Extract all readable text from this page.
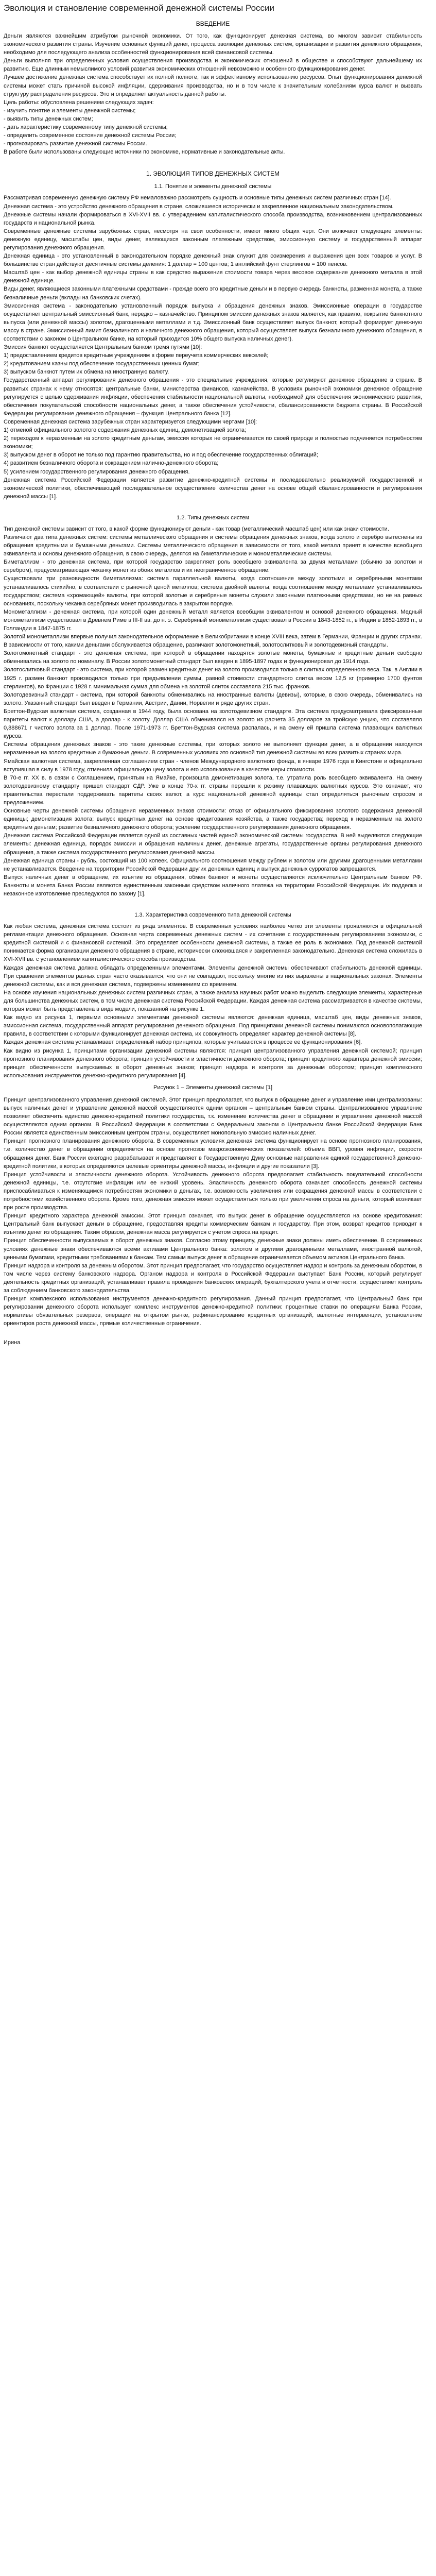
Эволюция и становление современной денежной системы России
ВВЕДЕНИЕ

Деньги являются важнейшим атрибутом рыночной экономики. От того, как функционирует денежная система, во многом зависит стабильность экономического развития страны. Изучение основных функций денег, процесса эволюции денежных систем, организации и развития денежного обращения, необходимо для последующего анализа особенностей функционирования всей финансовой системы.

Деньги выполняя три определенных условия осуществления производства и экономических отношений в обществе и способствуют дальнейшему их развитию. Еще длинным немыслимого условий развития экономических отношений невозможно и особенного функционирования денег.

Лучшее достижение денежная система способствует их полной полноте, так и эффективному использованию ресурсов. Опыт функционирования денежной системы может стать причиной высокой инфляции, сдерживания производства, но и в том числе к значительным колебаниям курса валют и вызвать структуру распределения ресурсов. Это и определяет актуальность данной работы.

Цель работы: обусловлена решением следующих задач:

- изучить понятие и элементы денежной системы;

- выявить типы денежных систем;

- дать характеристику современному типу денежной системы;

- определить современное состояние денежной системы России;

- прогнозировать развитие денежной системы России.

В работе были использованы следующие источники по экономике, нормативные и законодательные акты.

1. ЭВОЛЮЦИЯ ТИПОВ ДЕНЕЖНЫХ СИСТЕМ
1.1. Понятие и элементы денежной системы

Рассматривая современную денежную систему РФ немаловажно рассмотреть сущность и основные типы денежных систем различных стран [14].

Денежная система - это устройство денежного обращения в стране, сложившееся исторически и закрепленное национальным законодательством.

Денежные системы начали формироваться в XVI-XVII вв. с утверждением капиталистического способа производства, возникновением централизованных государств и национальной рынка.

Современные денежные системы зарубежных стран, несмотря на свои особенности, имеют много общих черт. Они включают следующие элементы: денежную единицу, масштабы цен, виды денег, являющихся законным платежным средством, эмиссионную систему и государственный аппарат регулирования денежного обращения.

Денежная единица - это установленный в законодательном порядке денежный знак служит для соизмерения и выражения цен всех товаров и услуг. В большинстве стран действуют десятичные системы деления: 1 доллар = 100 центов; 1 английский фунт стерлингов = 100 пенсов.

Масштаб цен - как выбор денежной единицы страны в как средство выражения стоимости товара через весовое содержание денежного металла в этой денежной единице.

Виды денег, являющиеся законными платежными средствами - прежде всего это кредитные деньги и в первую очередь банкноты, разменная монета, а также безналичные деньги (вклады на банковских счетах).

Эмиссионная система - законодательно установленный порядок выпуска и обращения денежных знаков. Эмиссионные операции в государстве осуществляет центральный эмиссионный банк, нередко – казначейство. Принципом эмиссии денежных знаков является, как правило, покрытие банкнотного выпуска (или денежной массы) золотом, драгоценными металлами и т.д. Эмиссионный банк осуществляет выпуск банкнот, который формирует денежную массу в стране. Эмиссионный лимит безналичного и наличного денежного обращения, который осуществляет выпуск безналичного денежного обращения, в соответствии с законом о Центральном банке, на который приходится 10% общего выпуска наличных денег).

Эмиссия банкнот осуществляется Центральным банком тремя путями [10]:

1) предоставлением кредитов кредитным учреждениям в форме переучета коммерческих векселей;

2) кредитованием казны под обеспечение государственных ценных бумаг;

3) выпуском банкнот путем их обмена на иностранную валюту.

Государственный аппарат регулирования денежного обращения - это специальные учреждения, которые регулируют денежное обращение в стране. В развитых странах к нему относятся: центральные банки, министерства финансов, казначейства. В условиях рыночной экономики денежное обращение регулируется с целью сдерживания инфляции, обеспечения стабильности национальной валюты, необходимой для обеспечения экономического развития, обеспечения покупательской способности национальных денег, а также обеспечения устойчивости, сбалансированности бюджета страны. В Российской Федерации регулирование денежного обращения – функция Центрального банка [12].

Современная денежная система зарубежных стран характеризуется следующими чертами [10]:

1) отменой официального золотого содержания денежных единиц, демонетизацией золота;

2) переходом к неразменным на золото кредитным деньгам, эмиссия которых не ограничивается по своей природе и полностью подчиняется потребностям экономики;

3) выпуском денег в оборот не только под гарантию правительства, но и под обеспечение государственных облигаций;

4) развитием безналичного оборота и сокращением налично-денежного оборота;

5) усилением государственного регулирования денежного обращения.

Денежная система Российской Федерации является развитие денежно-кредитной системы и последовательно реализуемой государственной и экономической политики, обеспечивающей последовательное осуществление количества денег на основе общей сбалансированности и регулирования денежной массы [1].

1.2. Типы денежных систем

Тип денежной системы зависит от того, в какой форме функционируют деньги - как товар (металлический масштаб цен) или как знаки стоимости.

Различают два типа денежных систем: системы металлического обращения и системы обращения денежных знаков, когда золото и серебро вытеснены из обращения кредитными и бумажными деньгами. Системы металлического обращения в зависимости от того, какой металл принят в качестве всеобщего эквивалента и основы денежного обращения, в свою очередь, делятся на биметаллические и монометаллические системы.

Биметаллизм - это денежная система, при которой государство закрепляет роль всеобщего эквивалента за двумя металлами (обычно за золотом и серебром), предусматривающая чеканку монет из обоих металлов и их неограниченное обращение.

Существовали три разновидности биметаллизма: система параллельной валюты, когда соотношение между золотыми и серебряными монетами устанавливалось стихийно, в соответствии с рыночной ценой металлов; система двойной валюты, когда соотношение между металлами устанавливалось государством; система «хромающей» валюты, при которой золотые и серебряные монеты служили законными платежными средствами, но не на равных основаниях, поскольку чеканка серебряных монет производилась в закрытом порядке.

Монометаллизм - денежная система, при которой один денежный металл является всеобщим эквивалентом и основой денежного обращения. Медный монометаллизм существовал в Древнем Риме в III-II вв. до н. э. Серебряный монометаллизм существовал в России в 1843-1852 гг., в Индии в 1852-1893 гг., в Голландии в 1847-1875 гг.

Золотой монометаллизм впервые получил законодательное оформление в Великобритании в конце XVIII века, затем в Германии, Франции и других странах. В зависимости от того, какими деньгами обслуживается обращение, различают золотомонетный, золотослитковый и золотодевизный стандарты.

Золотомонетный стандарт - это денежная система, при которой в обращении находятся золотые монеты, бумажные и кредитные деньги свободно обменивались на золото по номиналу. В России золотомонетный стандарт был введен в 1895-1897 годах и функционировал до 1914 года.

Золотослитковый стандарт - это система, при которой размен кредитных денег на золото производился только в слитках определенного веса. Так, в Англии в 1925 г. размен банкнот производился только при предъявлении суммы, равной стоимости стандартного слитка весом 12,5 кг (примерно 1700 фунтов стерлингов), во Франции с 1928 г. минимальная сумма для обмена на золотой слиток составляла 215 тыс. франков.

Золотодевизный стандарт - система, при которой банкноты обменивались на иностранные валюты (девизы), которые, в свою очередь, обменивались на золото. Указанный стандарт был введен в Германии, Австрии, Дании, Норвегии и ряде других стран.

Бреттон-Вудская валютная система, созданная в 1944 году, была основана на золотодевизном стандарте. Эта система предусматривала фиксированные паритеты валют к доллару США, а доллар - к золоту. Доллар США обменивался на золото из расчета 35 долларов за тройскую унцию, что составляло 0,888671 г чистого золота за 1 доллар. После 1971-1973 гг. Бреттон-Вудская система распалась, и на смену ей пришла система плавающих валютных курсов.

Системы обращения денежных знаков - это такие денежные системы, при которых золото не выполняет функции денег, а в обращении находятся неразменные на золото кредитные и бумажные деньги. В современных условиях это основной тип денежной системы во всех развитых странах мира.

Ямайская валютная система, закрепленная соглашением стран - членов Международного валютного фонда, в январе 1976 года в Кингстоне и официально вступившая в силу в 1978 году, отменила официальную цену золота и его использование в качестве меры стоимости.

В 70-е гг. XX в. в связи с Соглашением, принятым на Ямайке, произошла демонетизация золота, т.е. утратила роль всеобщего эквивалента. На смену золотодевизному стандарту пришел стандарт СДР. Уже в конце 70-х гг. страны перешли к режиму плавающих валютных курсов. Это означает, что правительства перестали поддерживать паритеты своих валют, а курс национальной денежной единицы стал определяться рыночным спросом и предложением.

Основные черты денежной системы обращения неразменных знаков стоимости: отказ от официального фиксирования золотого содержания денежной единицы; демонетизация золота; выпуск кредитных денег на основе кредитования хозяйства, а также государства; переход к неразменным на золото кредитным деньгам; развитие безналичного денежного оборота; усиление государственного регулирования денежного обращения.

Денежная система Российской Федерации является одной из составных частей единой экономической системы государства. В ней выделяются следующие элементы: денежная единица, порядок эмиссии и обращения наличных денег, денежные агрегаты, государственные органы регулирования денежного обращения, а также система государственного регулирования денежной массы.

Денежная единица страны - рубль, состоящий из 100 копеек. Официального соотношения между рублем и золотом или другими драгоценными металлами не устанавливается. Введение на территории Российской Федерации других денежных единиц и выпуск денежных суррогатов запрещаются.

Выпуск наличных денег в обращение, их изъятие из обращения, обмен банкнот и монеты осуществляются исключительно Центральным банком РФ. Банкноты и монета Банка России являются единственным законным средством наличного платежа на территории Российской Федерации. Их подделка и незаконное изготовление преследуются по закону [1].

1.3. Характеристика современного типа денежной системы

Как любая система, денежная система состоит из ряда элементов. В современных условиях наиболее четко эти элементы проявляются в официальной регламентации денежного обращения. Основная черта современных денежных систем - их сочетание с государственным регулированием экономики, с кредитной системой и с финансовой системой. Это определяет особенности денежной системы, а также ее роль в экономике. Под денежной системой понимается форма организации денежного обращения в стране, исторически сложившаяся и закрепленная законодательно. Денежная система сложилась в XVI-XVII вв. с установлением капиталистического способа производства.

Каждая денежная система должна обладать определенными элементами. Элементы денежной системы обеспечивают стабильность денежной единицы. При сравнении элементов разных стран часто оказывается, что они не совпадают, поскольку многие из них выражены в национальных законах. Элементы денежной системы, как и вся денежная система, подвержены изменениям со временем.

На основе изучения национальных денежных систем различных стран, а также анализа научных работ можно выделить следующие элементы, характерные для большинства денежных систем, в том числе денежная система Российской Федерации. Каждая денежная система рассматривается в качестве системы, которая может быть представлена в виде модели, показанной на рисунке 1.

Как видно из рисунка 1, первыми основными элементами денежной системы являются: денежная единица, масштаб цен, виды денежных знаков, эмиссионная система, государственный аппарат регулирования денежного обращения. Под принципами денежной системы понимаются основополагающие правила, в соответствии с которыми функционирует денежная система, их совокупность определяет характер денежной системы [8].

Каждая денежная система устанавливает определенный набор принципов, которые учитываются в процессе ее функционирования [6].

Как видно из рисунка 1, принципами организации денежной системы являются: принцип централизованного управления денежной системой; принцип прогнозного планирования денежного оборота; принцип устойчивости и эластичности денежного оборота; принцип кредитного характера денежной эмиссии; принцип обеспеченности выпускаемых в оборот денежных знаков; принцип надзора и контроля за денежным оборотом; принцип комплексного использования инструментов денежно-кредитного регулирования [4].

Рисунок 1 – Элементы денежной системы [1]

Принцип централизованного управления денежной системой. Этот принцип предполагает, что выпуск в обращение денег и управление ими централизованы: выпуск наличных денег и управление денежной массой осуществляются одним органом – центральным банком страны. Централизованное управление позволяет обеспечить единство денежно-кредитной политики государства, т.к. изменение количества денег в обращении и управление денежной массой осуществляются одним органом. В Российской Федерации в соответствии с Федеральным законом о Центральном банке Российской Федерации Банк России является единственным эмиссионным центром страны, осуществляет монопольную эмиссию наличных денег.

Принцип прогнозного планирования денежного оборота. В современных условиях денежная система функционирует на основе прогнозного планирования, т.е. количество денег в обращении определяется на основе прогнозов макроэкономических показателей: объема ВВП, уровня инфляции, скорости обращения денег. Банк России ежегодно разрабатывает и представляет в Государственную Думу основные направления единой государственной денежно-кредитной политики, в которых определяются целевые ориентиры денежной массы, инфляции и другие показатели [3].

Принцип устойчивости и эластичности денежного оборота. Устойчивость денежного оборота предполагает стабильность покупательной способности денежной единицы, т.е. отсутствие инфляции или ее низкий уровень. Эластичность денежного оборота означает способность денежной системы приспосабливаться к изменяющимся потребностям экономики в деньгах, т.е. возможность увеличения или сокращения денежной массы в соответствии с потребностями хозяйственного оборота. Кроме того, денежная эмиссия может осуществляться только при увеличении спроса на деньги, который возникает при росте производства.

Принцип кредитного характера денежной эмиссии. Этот принцип означает, что выпуск денег в обращение осуществляется на основе кредитования: Центральный банк выпускает деньги в обращение, предоставляя кредиты коммерческим банкам и государству. При этом, возврат кредитов приводит к изъятию денег из обращения. Таким образом, денежная масса регулируется с учетом спроса на кредит.

Принцип обеспеченности выпускаемых в оборот денежных знаков. Согласно этому принципу, денежные знаки должны иметь обеспечение. В современных условиях денежные знаки обеспечиваются всеми активами Центрального банка: золотом и другими драгоценными металлами, иностранной валютой, ценными бумагами, кредитными требованиями к банкам. Тем самым выпуск денег в обращение ограничивается объемом активов Центрального банка.

Принцип надзора и контроля за денежным оборотом. Этот принцип предполагает, что государство осуществляет надзор и контроль за денежным оборотом, в том числе через систему банковского надзора. Органом надзора и контроля в Российской Федерации выступает Банк России, который регулирует деятельность кредитных организаций, устанавливает правила проведения банковских операций, бухгалтерского учета и отчетности, осуществляет контроль за соблюдением банковского законодательства.

Принцип комплексного использования инструментов денежно-кредитного регулирования. Данный принцип предполагает, что Центральный банк при регулировании денежного оборота использует комплекс инструментов денежно-кредитной политики: процентные ставки по операциям Банка России, нормативы обязательных резервов, операции на открытом рынке, рефинансирование кредитных организаций, валютные интервенции, установление ориентиров роста денежной массы, прямые количественные ограничения.

Ирина
